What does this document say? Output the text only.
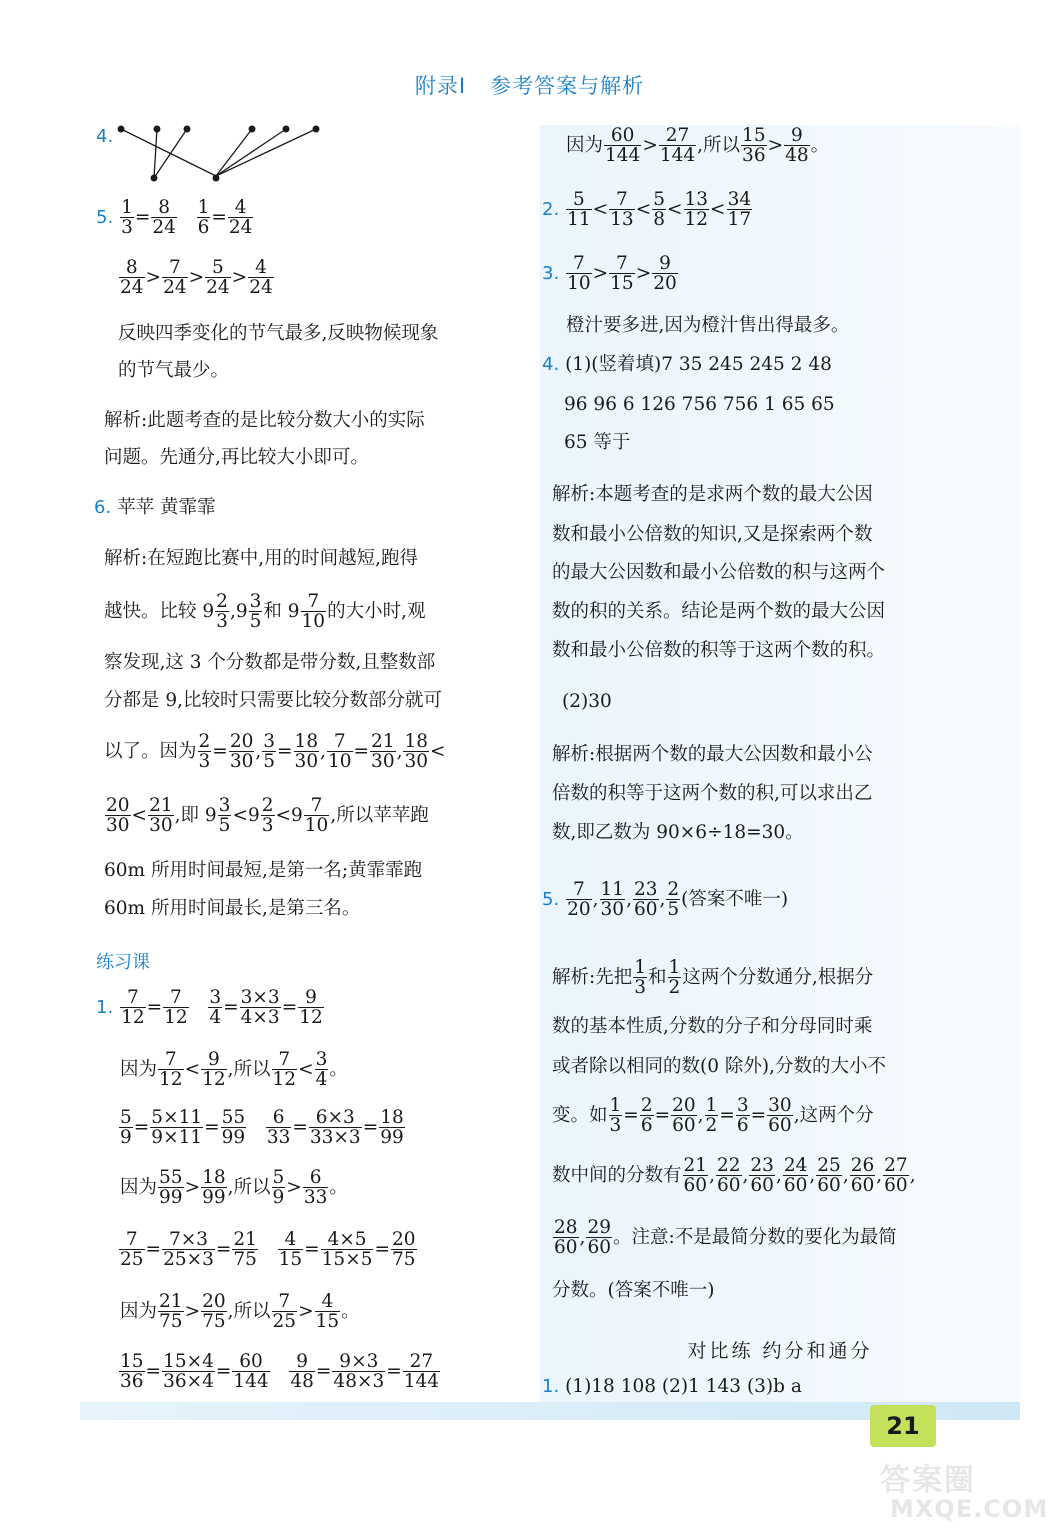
附录Ⅰ 参考答案与解析
4.
5. $\frac{1}{3} = \frac{8}{24}$
$\frac{1}{6} = \frac{4}{24}$
$\frac{8}{24} > \frac{7}{24} > \frac{5}{24} > \frac{4}{24}$
反映四季变化的节气最多,反映物候现象
的节气最少。
解析:此题考查的是比较分数大小的实际
问题。先通分,再比较大小即可。
6. 苹苹 黄霏霏
解析:在短跑比赛中,用的时间越短,跑得
越快。比较 $9 \frac{2}{3} ,9 \frac{3}{5}$ 和 $9 \frac{7}{10}$ 的大小时,观
察发现,这 3 个分数都是带分数,且整数部
分都是 9,比较时只需要比较分数部分就可
以了。因为 $\frac{2}{3} = \frac{20}{30}$ , $\frac{3}{5} = \frac{18}{30}$ , $\frac{7}{10} = \frac{21}{30}$ , $\frac{18}{30}$ <
$\frac{20}{30} < \frac{21}{30}$ ,即 $9 \frac{3}{5} <9 \frac{2}{3} <9 \frac{7}{10}$ ,所以苹苹跑
60m 所用时间最短,是第一名;黄霏霏跑
60m 所用时间最长,是第三名。
练习课
1. $\frac{7}{12} = \frac{7}{12}$
$\frac{3}{4} = \frac{3\times 3}{4\times 3} = \frac{9}{12}$
因为 $\frac{7}{12} < \frac{9}{12}$ ,所以 $\frac{7}{12} < \frac{3}{4}$ 。
$\frac{5}{9} = \frac{5\times 11}{9\times 11} = \frac{55}{99}$
$\frac{6}{33} = \frac{6\times 3}{33\times 3} = \frac{18}{99}$
因为 $\frac{55}{99} > \frac{18}{99}$ ,所以 $\frac{5}{9} > \frac{6}{33}$ 。
$\frac{7}{25} = \frac{7\times 3}{25\times 3} = \frac{21}{75}$
$\frac{4}{15} = \frac{4\times 5}{15\times 5} = \frac{20}{75}$
因为 $\frac{21}{75} > \frac{20}{75}$ ,所以 $\frac{7}{25} > \frac{4}{15}$ 。
$\frac{15}{36} = \frac{15\times 4}{36\times 4} = \frac{60}{144}$
$\frac{9}{48} = \frac{9\times 3}{48\times 3} = \frac{27}{144}$
因为 $\frac{60}{144} > \frac{27}{144}$ ,所以 $\frac{15}{36} > \frac{9}{48}$ 。
2. $\frac{5}{11} < \frac{7}{13} < \frac{5}{8} < \frac{13}{12} < \frac{34}{17}$
3. $\frac{7}{10} > \frac{7}{15} > \frac{9}{20}$
橙汁要多进,因为橙汁售出得最多。
4. (1)(竖着填)7 35 245 245 2 48
96 96 6 126 756 756 1 65 65
65 等于
解析:本题考查的是求两个数的最大公因
数和最小公倍数的知识,又是探索两个数
的最大公因数和最小公倍数的积与这两个
数的积的关系。结论是两个数的最大公因
数和最小公倍数的积等于这两个数的积。
(2)30
解析:根据两个数的最大公因数和最小公
倍数的积等于这两个数的积,可以求出乙
数,即乙数为 90×6÷18=30。
5. $\frac{7}{20}$ , $\frac{11}{30}$ , $\frac{23}{60}$ , $\frac{2}{5}$ (答案不唯一)
解析:先把 $\frac{1}{3}$ 和 $\frac{1}{2}$ 这两个分数通分,根据分
数的基本性质,分数的分子和分母同时乘
或者除以相同的数(0 除外),分数的大小不
变。如 $\frac{1}{3} = \frac{2}{6} = \frac{20}{60}$ , $\frac{1}{2} = \frac{3}{6} = \frac{30}{60}$ ,这两个分
数中间的分数有 $\frac{21}{60}$ , $\frac{22}{60}$ , $\frac{23}{60}$ , $\frac{24}{60}$ , $\frac{25}{60}$ , $\frac{26}{60}$ , $\frac{27}{60}$ ,
$\frac{28}{60}$ , $\frac{29}{60}$ 。注意:不是最简分数的要化为最简
分数。(答案不唯一)
对比练 约分和通分
1. (1)18 108 (2)1 143 (3)b a
21
答案圈
MXQE.COM
